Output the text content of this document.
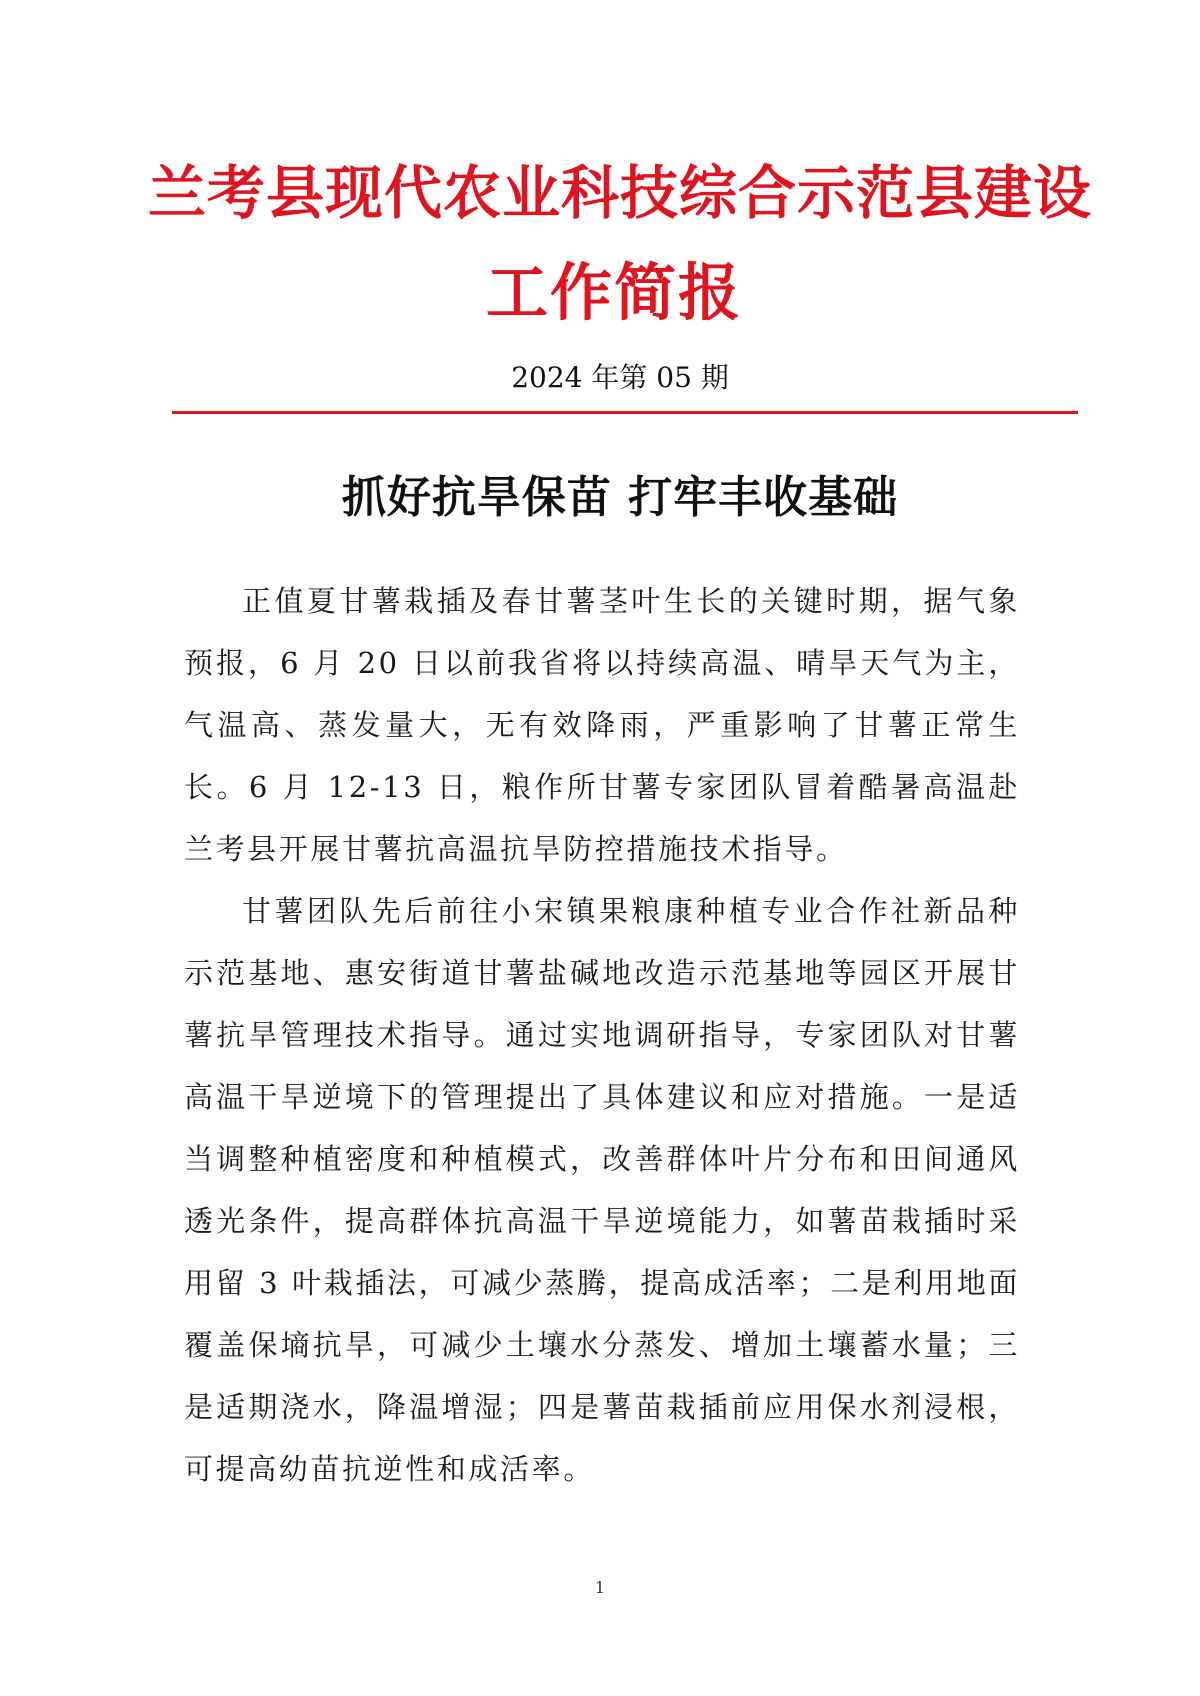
兰考县现代农业科技综合示范县建设
工作简报
2024 年第 05 期
抓好抗旱保苗 打牢丰收基础

正值夏甘薯栽插及春甘薯茎叶生长的关键时期，据气象预报，6 月 20 日以前我省将以持续高温、晴旱天气为主，气温高、蒸发量大，无有效降雨，严重影响了甘薯正常生长。6 月 12-13 日，粮作所甘薯专家团队冒着酷暑高温赴兰考县开展甘薯抗高温抗旱防控措施技术指导。

甘薯团队先后前往小宋镇果粮康种植专业合作社新品种示范基地、惠安街道甘薯盐碱地改造示范基地等园区开展甘薯抗旱管理技术指导。通过实地调研指导，专家团队对甘薯高温干旱逆境下的管理提出了具体建议和应对措施。一是适当调整种植密度和种植模式，改善群体叶片分布和田间通风透光条件，提高群体抗高温干旱逆境能力，如薯苗栽插时采用留 3 叶栽插法，可减少蒸腾，提高成活率；二是利用地面覆盖保墒抗旱，可减少土壤水分蒸发、增加土壤蓄水量；三是适期浇水，降温增湿；四是薯苗栽插前应用保水剂浸根，可提高幼苗抗逆性和成活率。

1
